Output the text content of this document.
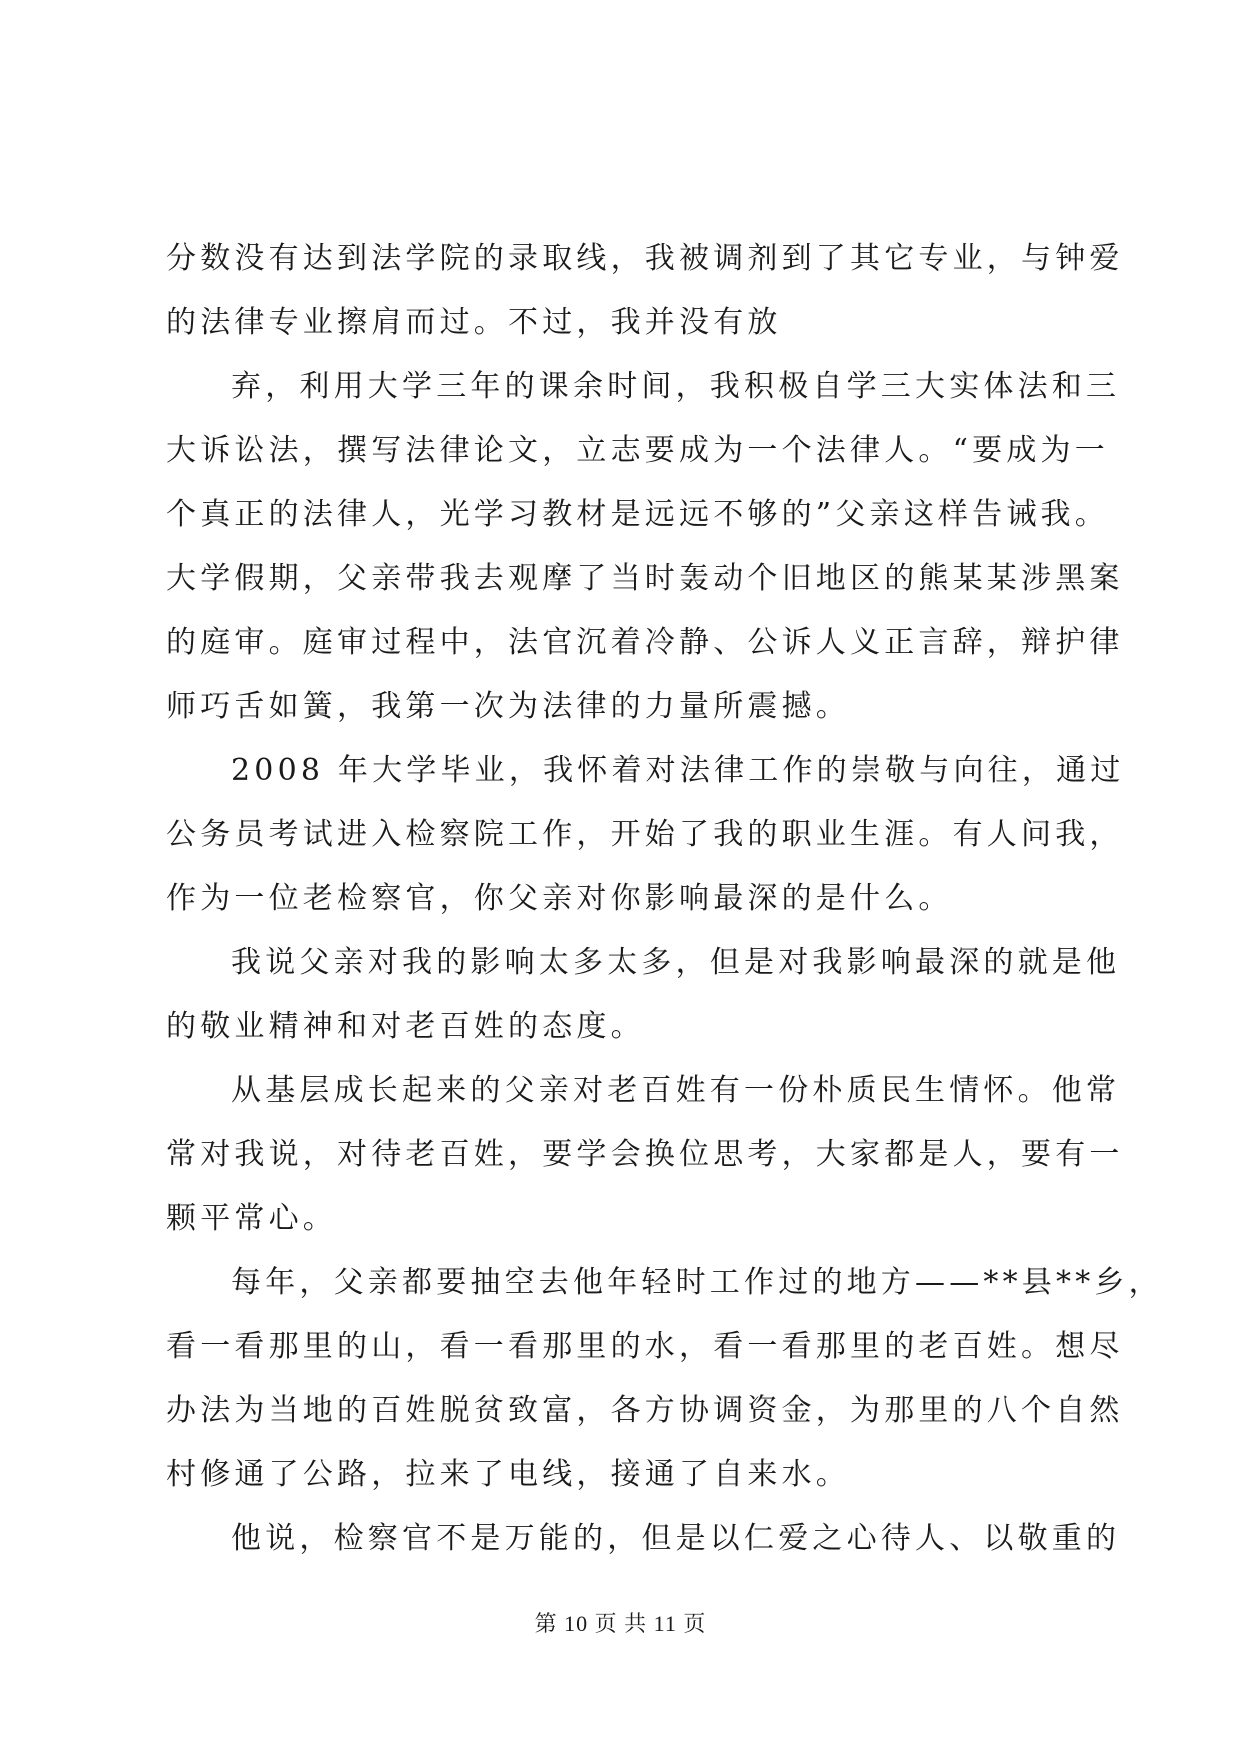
分数没有达到法学院的录取线，我被调剂到了其它专业，与钟爱
的法律专业擦肩而过。不过，我并没有放
弃，利用大学三年的课余时间，我积极自学三大实体法和三
大诉讼法，撰写法律论文，立志要成为一个法律人。“要成为一
个真正的法律人，光学习教材是远远不够的”父亲这样告诫我。
大学假期，父亲带我去观摩了当时轰动个旧地区的熊某某涉黑案
的庭审。庭审过程中，法官沉着冷静、公诉人义正言辞，辩护律
师巧舌如簧，我第一次为法律的力量所震撼。
2008 年大学毕业，我怀着对法律工作的崇敬与向往，通过
公务员考试进入检察院工作，开始了我的职业生涯。有人问我，
作为一位老检察官，你父亲对你影响最深的是什么。
我说父亲对我的影响太多太多，但是对我影响最深的就是他
的敬业精神和对老百姓的态度。
从基层成长起来的父亲对老百姓有一份朴质民生情怀。他常
常对我说，对待老百姓，要学会换位思考，大家都是人，要有一
颗平常心。
每年，父亲都要抽空去他年轻时工作过的地方——**县**乡，
看一看那里的山，看一看那里的水，看一看那里的老百姓。想尽
办法为当地的百姓脱贫致富，各方协调资金，为那里的八个自然
村修通了公路，拉来了电线，接通了自来水。
他说，检察官不是万能的，但是以仁爱之心待人、以敬重的
第 10 页 共 11 页
